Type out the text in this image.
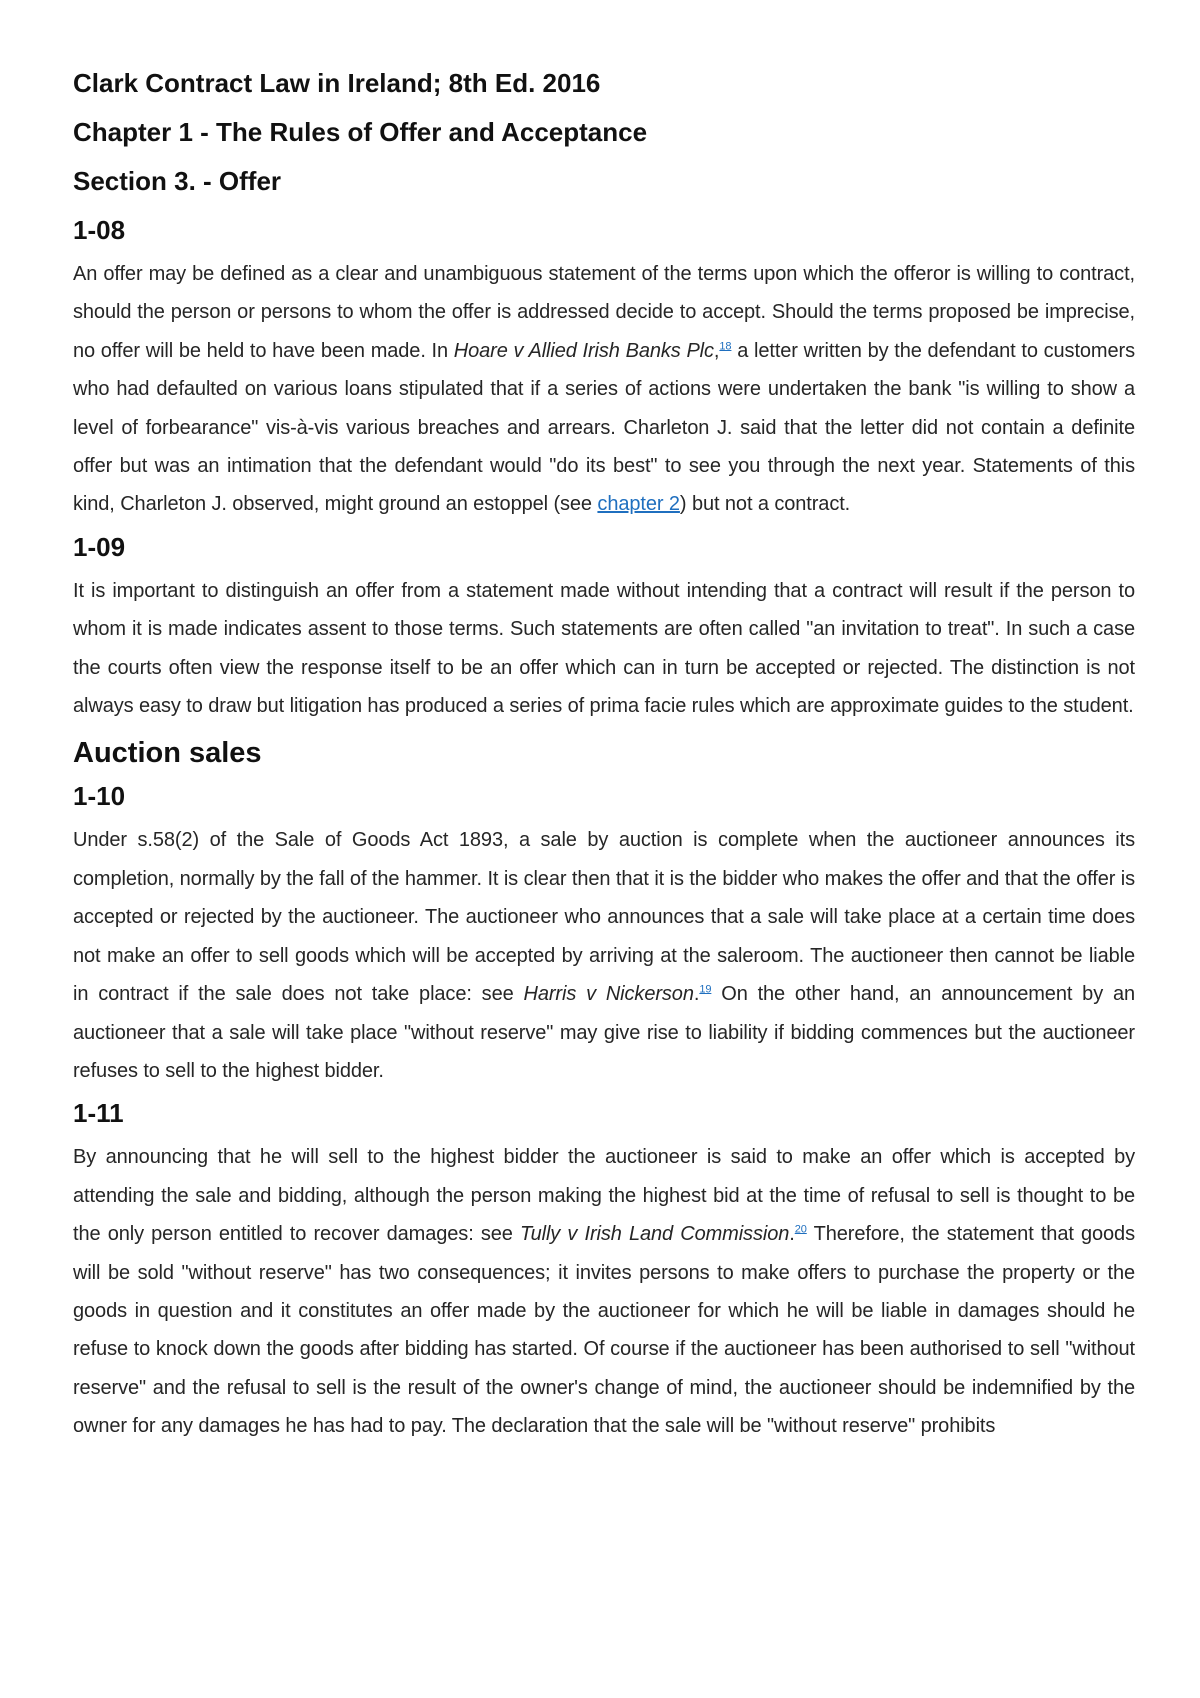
Clark Contract Law in Ireland; 8th Ed. 2016
Chapter 1 - The Rules of Offer and Acceptance
Section 3. - Offer
1-08

An offer may be defined as a clear and unambiguous statement of the terms upon which the offeror is willing to contract, should the person or persons to whom the offer is addressed decide to accept. Should the terms proposed be imprecise, no offer will be held to have been made. In Hoare v Allied Irish Banks Plc,$^{18}$ a letter written by the defendant to customers who had defaulted on various loans stipulated that if a series of actions were undertaken the bank "is willing to show a level of forbearance" vis-à-vis various breaches and arrears. Charleton J. said that the letter did not contain a definite offer but was an intimation that the defendant would "do its best" to see you through the next year. Statements of this kind, Charleton J. observed, might ground an estoppel (see chapter 2) but not a contract.

1-09

It is important to distinguish an offer from a statement made without intending that a contract will result if the person to whom it is made indicates assent to those terms. Such statements are often called "an invitation to treat". In such a case the courts often view the response itself to be an offer which can in turn be accepted or rejected. The distinction is not always easy to draw but litigation has produced a series of prima facie rules which are approximate guides to the student.

Auction sales
1-10

Under s.58(2) of the Sale of Goods Act 1893, a sale by auction is complete when the auctioneer announces its completion, normally by the fall of the hammer. It is clear then that it is the bidder who makes the offer and that the offer is accepted or rejected by the auctioneer. The auctioneer who announces that a sale will take place at a certain time does not make an offer to sell goods which will be accepted by arriving at the saleroom. The auctioneer then cannot be liable in contract if the sale does not take place: see Harris v Nickerson.$^{19}$ On the other hand, an announcement by an auctioneer that a sale will take place "without reserve" may give rise to liability if bidding commences but the auctioneer refuses to sell to the highest bidder.

1-11

By announcing that he will sell to the highest bidder the auctioneer is said to make an offer which is accepted by attending the sale and bidding, although the person making the highest bid at the time of refusal to sell is thought to be the only person entitled to recover damages: see Tully v Irish Land Commission.$^{20}$ Therefore, the statement that goods will be sold "without reserve" has two consequences; it invites persons to make offers to purchase the property or the goods in question and it constitutes an offer made by the auctioneer for which he will be liable in damages should he refuse to knock down the goods after bidding has started. Of course if the auctioneer has been authorised to sell "without reserve" and the refusal to sell is the result of the owner's change of mind, the auctioneer should be indemnified by the owner for any damages he has had to pay. The declaration that the sale will be "without reserve" prohibits
